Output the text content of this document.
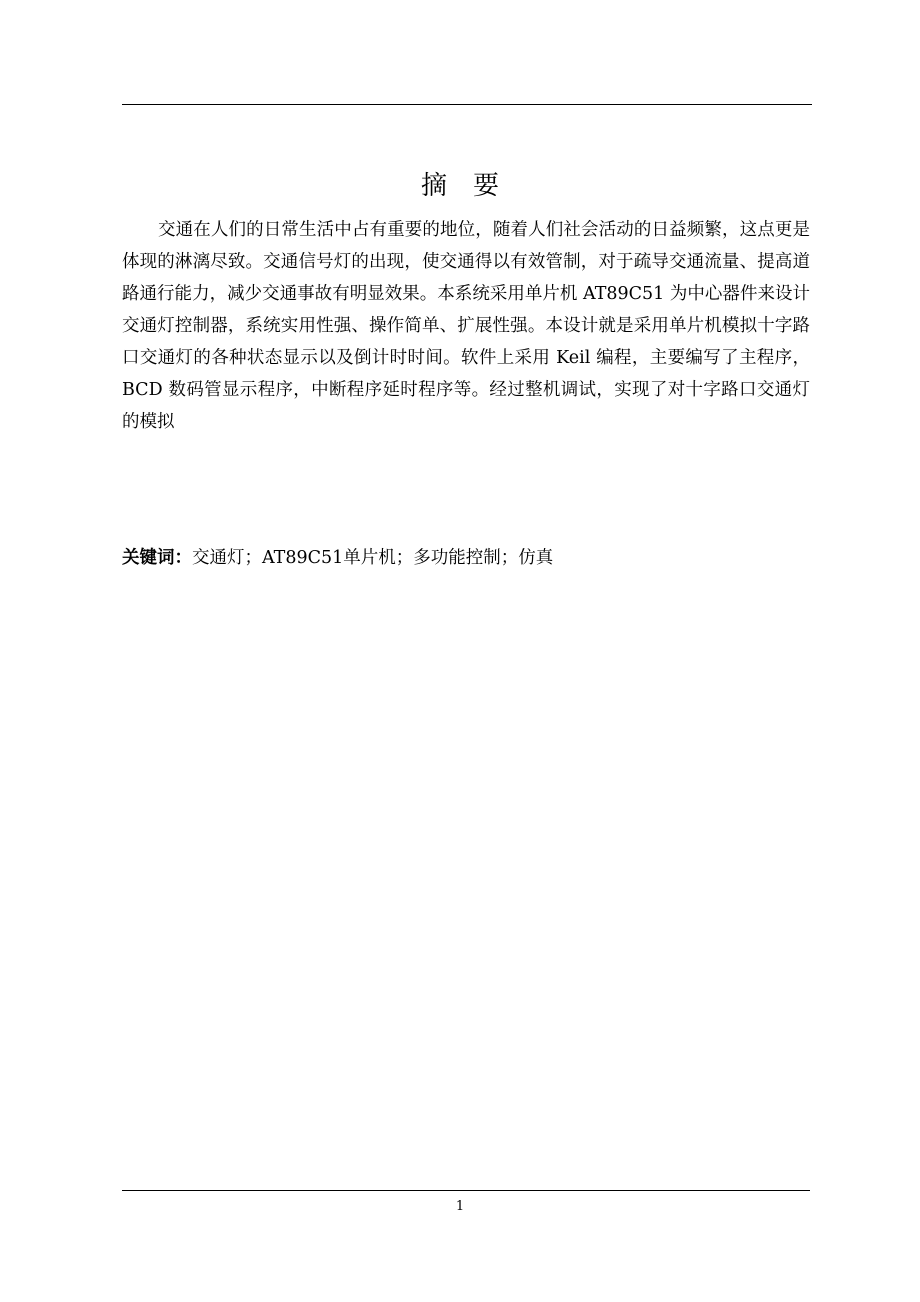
摘 要

交通在人们的日常生活中占有重要的地位，随着人们社会活动的日益频繁，这点更是体现的淋漓尽致。交通信号灯的出现，使交通得以有效管制，对于疏导交通流量、提高道路通行能力，减少交通事故有明显效果。本系统采用单片机 AT89C51 为中心器件来设计交通灯控制器，系统实用性强、操作简单、扩展性强。本设计就是采用单片机模拟十字路口交通灯的各种状态显示以及倒计时时间。软件上采用 Keil 编程，主要编写了主程序，BCD 数码管显示程序，中断程序延时程序等。经过整机调试，实现了对十字路口交通灯的模拟

关键词：交通灯；AT89C51单片机；多功能控制；仿真

1
